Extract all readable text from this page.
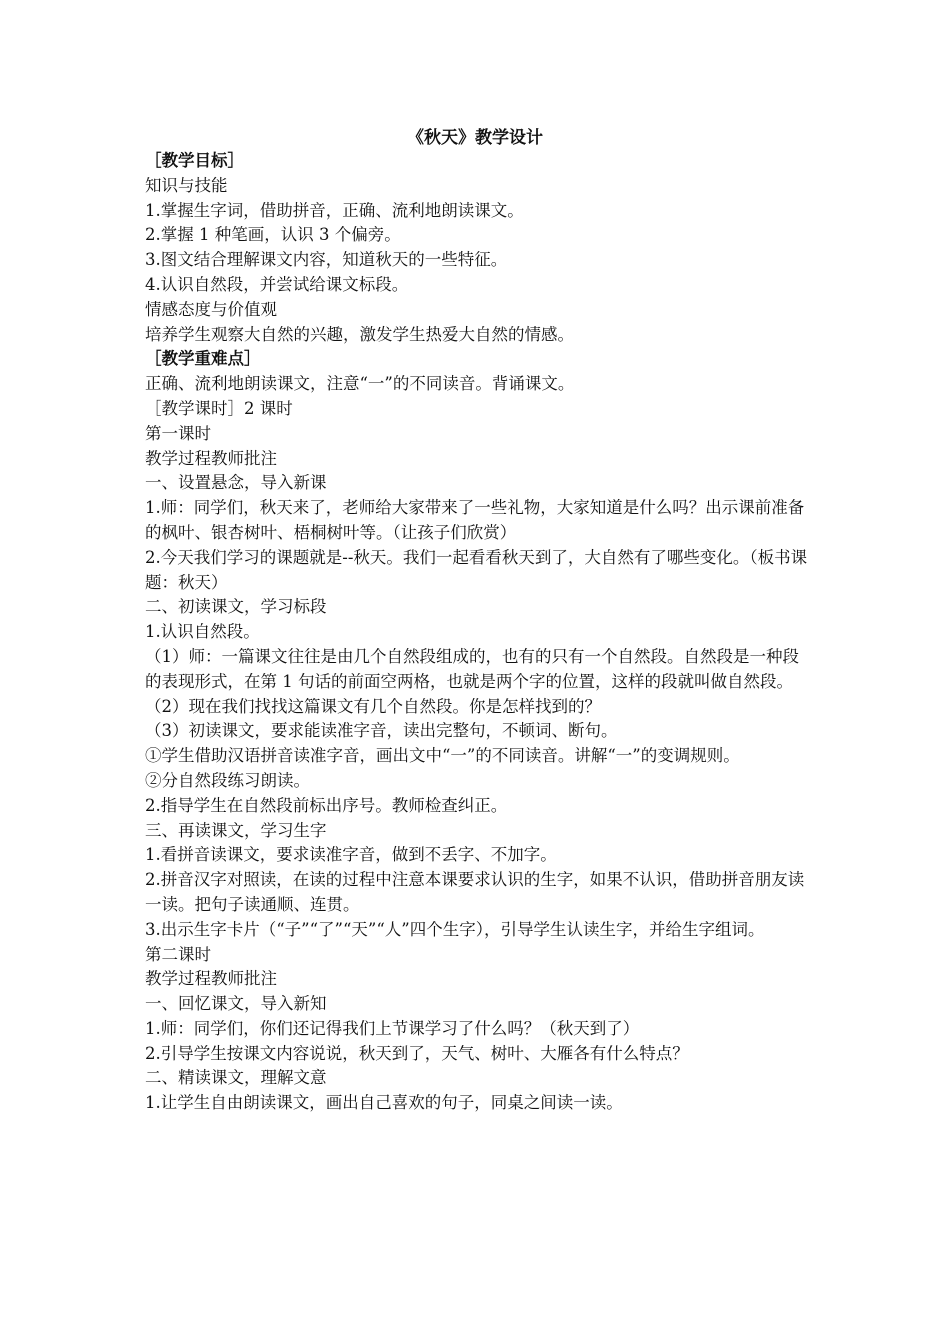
《秋天》教学设计

［教学目标］

知识与技能

1.掌握生字词，借助拼音，正确、流利地朗读课文。

2.掌握 1 种笔画，认识 3 个偏旁。

3.图文结合理解课文内容，知道秋天的一些特征。

4.认识自然段，并尝试给课文标段。

情感态度与价值观

培养学生观察大自然的兴趣，激发学生热爱大自然的情感。

［教学重难点］

正确、流利地朗读课文，注意“一”的不同读音。背诵课文。

［教学课时］2 课时

第一课时

教学过程教师批注

一、设置悬念，导入新课

1.师：同学们，秋天来了，老师给大家带来了一些礼物，大家知道是什么吗？出示课前准备的枫叶、银杏树叶、梧桐树叶等。（让孩子们欣赏）

2.今天我们学习的课题就是--秋天。我们一起看看秋天到了，大自然有了哪些变化。（板书课题：秋天）

二、初读课文，学习标段

1.认识自然段。

（1）师：一篇课文往往是由几个自然段组成的，也有的只有一个自然段。自然段是一种段的表现形式，在第 1 句话的前面空两格，也就是两个字的位置，这样的段就叫做自然段。

（2）现在我们找找这篇课文有几个自然段。你是怎样找到的？

（3）初读课文，要求能读准字音，读出完整句，不顿词、断句。

①学生借助汉语拼音读准字音，画出文中“一”的不同读音。讲解“一”的变调规则。

②分自然段练习朗读。

2.指导学生在自然段前标出序号。教师检查纠正。

三、再读课文，学习生字

1.看拼音读课文，要求读准字音，做到不丢字、不加字。

2.拼音汉字对照读，在读的过程中注意本课要求认识的生字，如果不认识，借助拼音朋友读一读。把句子读通顺、连贯。

3.出示生字卡片（“子”“了”“天”“人”四个生字），引导学生认读生字，并给生字组词。

第二课时

教学过程教师批注

一、回忆课文，导入新知

1.师：同学们，你们还记得我们上节课学习了什么吗？（秋天到了）

2.引导学生按课文内容说说，秋天到了，天气、树叶、大雁各有什么特点？

二、精读课文，理解文意

1.让学生自由朗读课文，画出自己喜欢的句子，同桌之间读一读。
